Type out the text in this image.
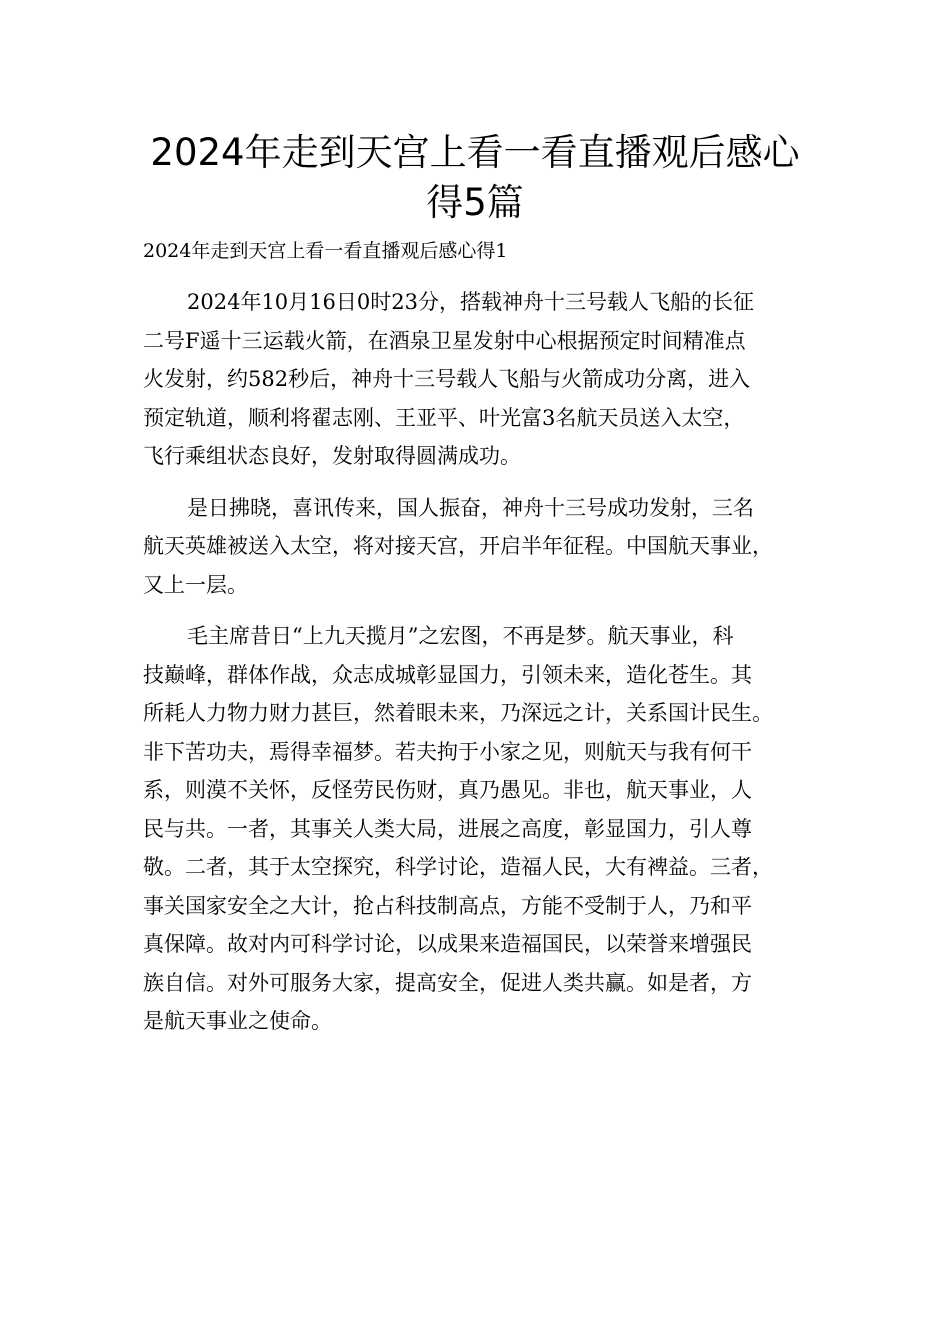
2024年走到天宫上看一看直播观后感心
得5篇

2024年走到天宫上看一看直播观后感心得1

2024年10月16日0时23分，搭载神舟十三号载人飞船的长征
二号F遥十三运载火箭，在酒泉卫星发射中心根据预定时间精准点
火发射，约582秒后，神舟十三号载人飞船与火箭成功分离，进入
预定轨道，顺利将翟志刚、王亚平、叶光富3名航天员送入太空，
飞行乘组状态良好，发射取得圆满成功。
是日拂晓，喜讯传来，国人振奋，神舟十三号成功发射，三名
航天英雄被送入太空，将对接天宫，开启半年征程。中国航天事业，
又上一层。
毛主席昔日“上九天揽月”之宏图，不再是梦。航天事业，科
技巅峰，群体作战，众志成城彰显国力，引领未来，造化苍生。其
所耗人力物力财力甚巨，然着眼未来，乃深远之计，关系国计民生。
非下苦功夫，焉得幸福梦。若夫拘于小家之见，则航天与我有何干
系，则漠不关怀，反怪劳民伤财，真乃愚见。非也，航天事业，人
民与共。一者，其事关人类大局，进展之高度，彰显国力，引人尊
敬。二者，其于太空探究，科学讨论，造福人民，大有裨益。三者，
事关国家安全之大计，抢占科技制高点，方能不受制于人，乃和平
真保障。故对内可科学讨论，以成果来造福国民，以荣誉来增强民
族自信。对外可服务大家，提高安全，促进人类共赢。如是者，方
是航天事业之使命。
